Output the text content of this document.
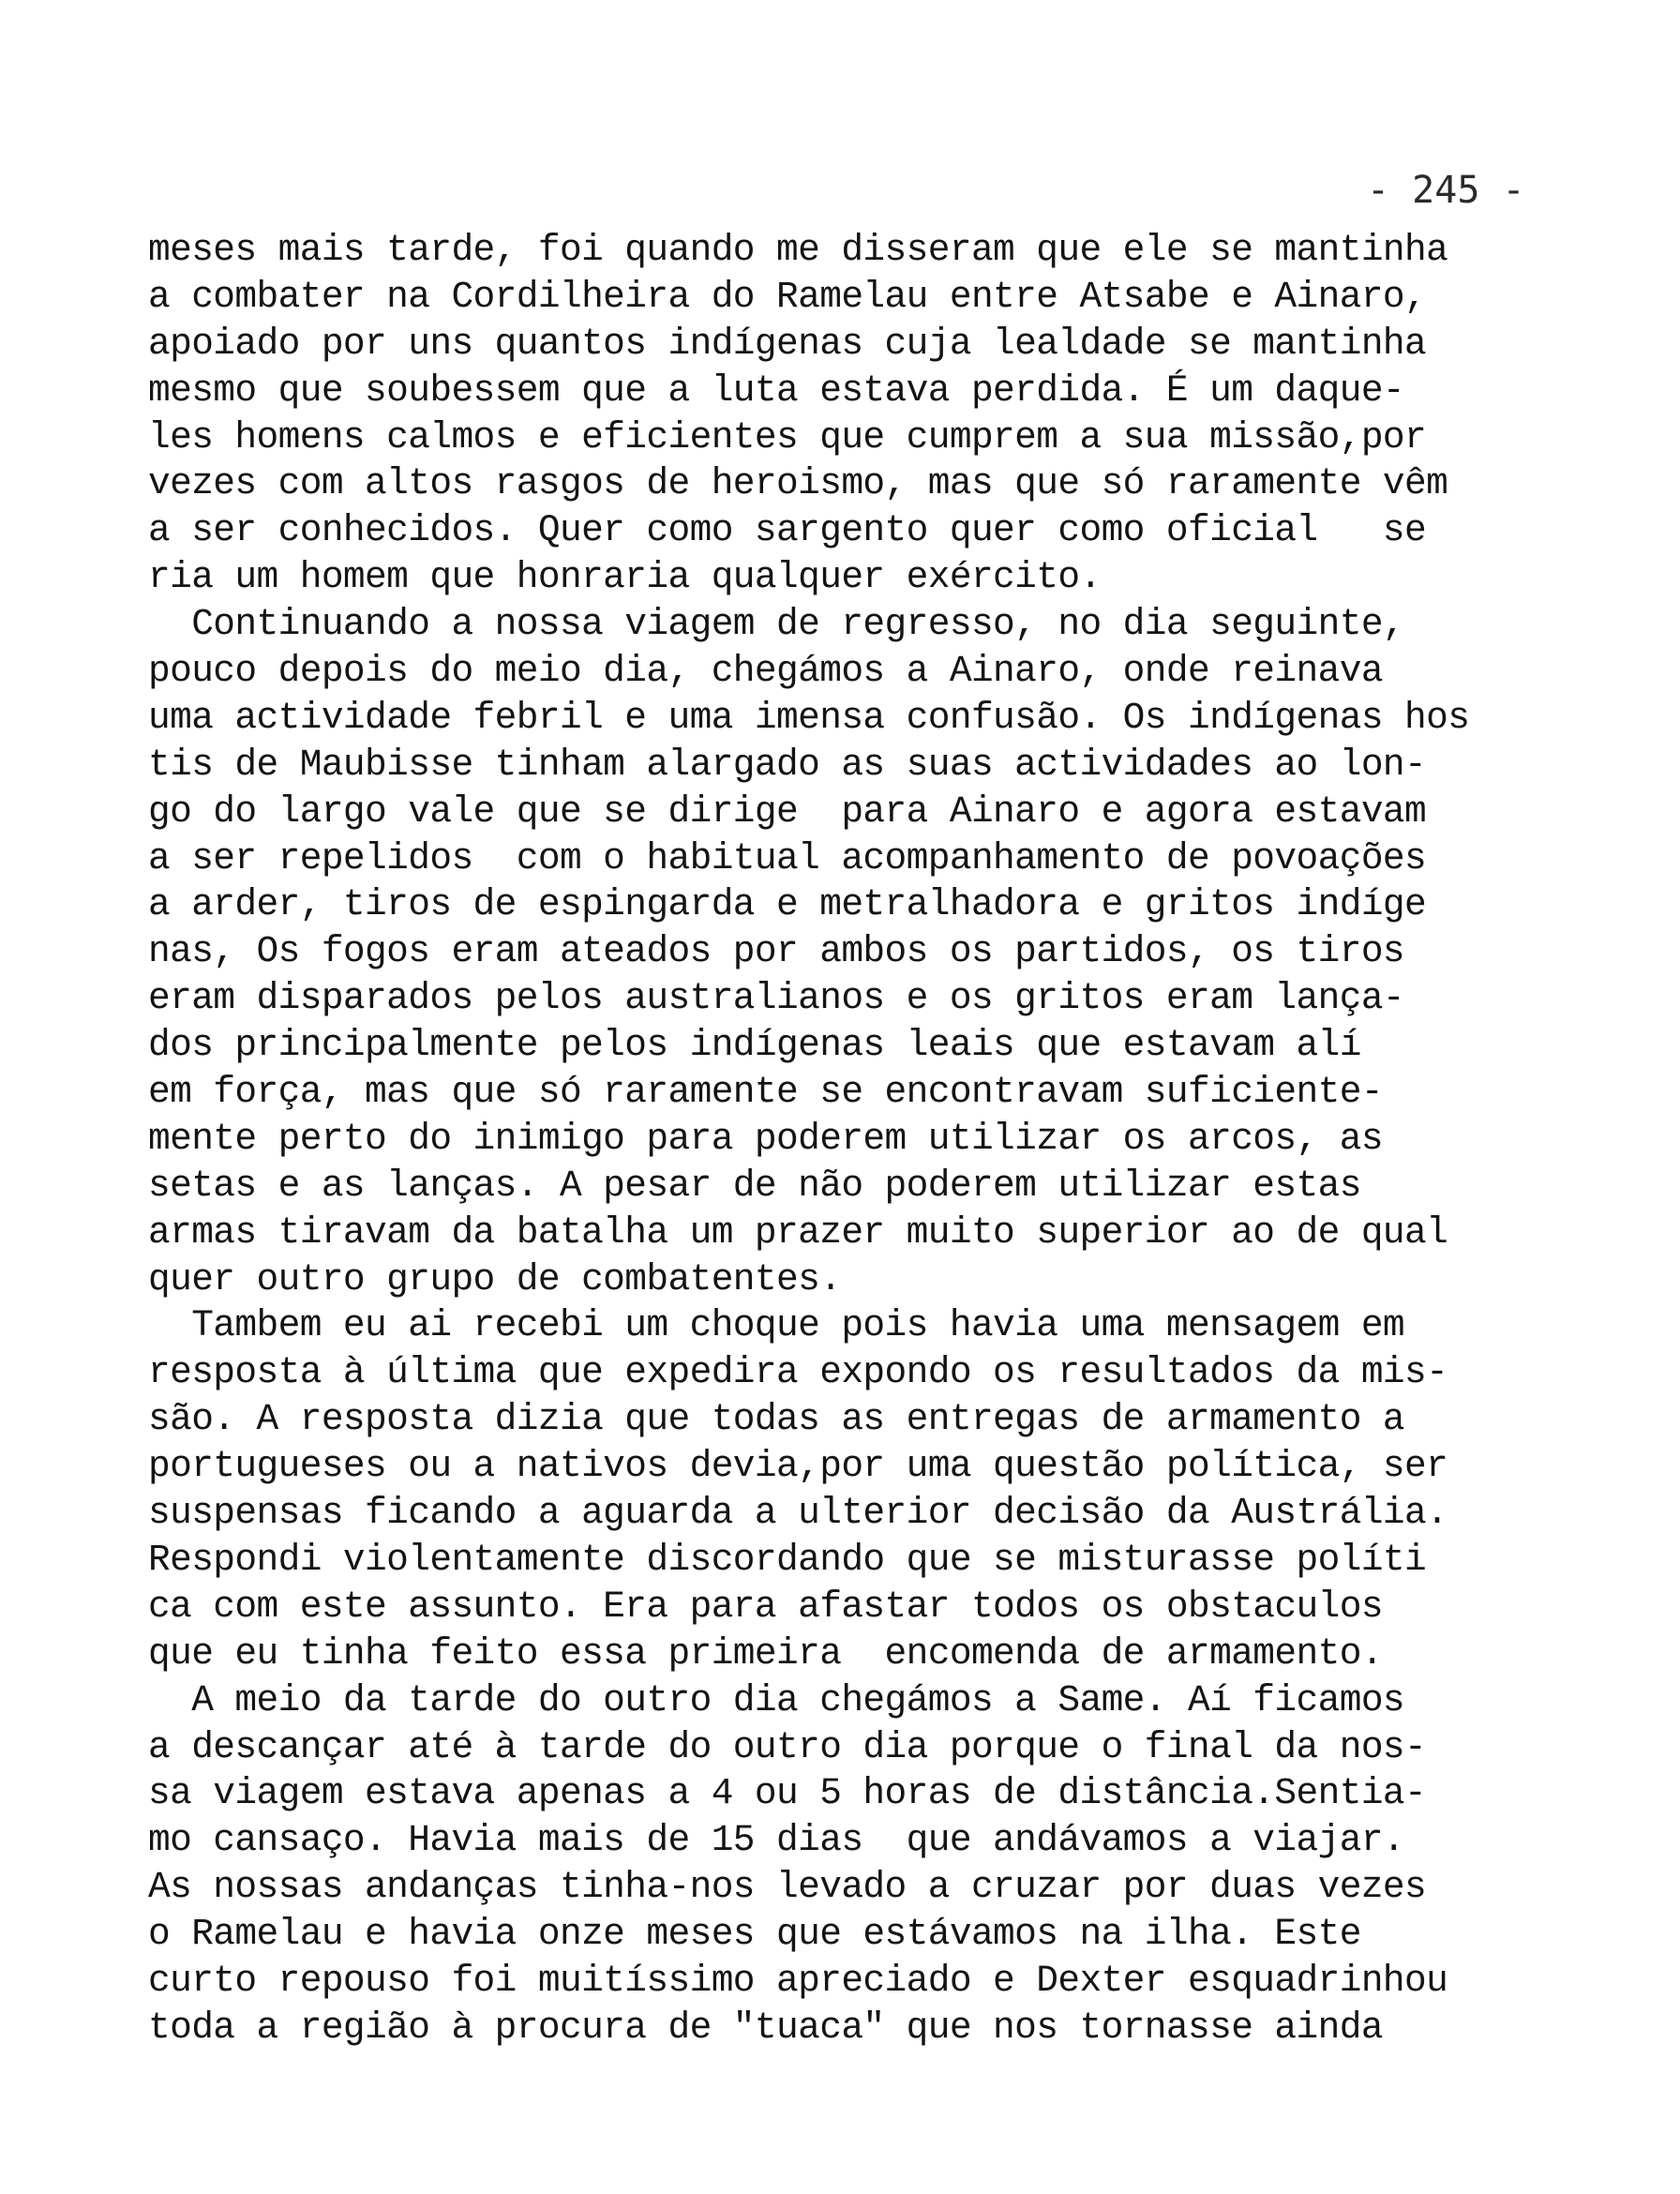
- 245 -
meses mais tarde, foi quando me disseram que ele se mantinha
a combater na Cordilheira do Ramelau entre Atsabe e Ainaro,
apoiado por uns quantos indígenas cuja lealdade se mantinha
mesmo que soubessem que a luta estava perdida. É um daque-
les homens calmos e eficientes que cumprem a sua missão,por
vezes com altos rasgos de heroismo, mas que só raramente vêm
a ser conhecidos. Quer como sargento quer como oficial   se
ria um homem que honraria qualquer exército.
Continuando a nossa viagem de regresso, no dia seguinte,
pouco depois do meio dia, chegámos a Ainaro, onde reinava
uma actividade febril e uma imensa confusão. Os indígenas hos
tis de Maubisse tinham alargado as suas actividades ao lon-
go do largo vale que se dirige  para Ainaro e agora estavam
a ser repelidos  com o habitual acompanhamento de povoações
a arder, tiros de espingarda e metralhadora e gritos indíge
nas, Os fogos eram ateados por ambos os partidos, os tiros
eram disparados pelos australianos e os gritos eram lança-
dos principalmente pelos indígenas leais que estavam alí
em força, mas que só raramente se encontravam suficiente-
mente perto do inimigo para poderem utilizar os arcos, as
setas e as lanças. A pesar de não poderem utilizar estas
armas tiravam da batalha um prazer muito superior ao de qual
quer outro grupo de combatentes.
Tambem eu ai recebi um choque pois havia uma mensagem em
resposta à última que expedira expondo os resultados da mis-
são. A resposta dizia que todas as entregas de armamento a
portugueses ou a nativos devia,por uma questão política, ser
suspensas ficando a aguarda a ulterior decisão da Austrália.
Respondi violentamente discordando que se misturasse políti
ca com este assunto. Era para afastar todos os obstaculos
que eu tinha feito essa primeira  encomenda de armamento.
A meio da tarde do outro dia chegámos a Same. Aí ficamos
a descançar até à tarde do outro dia porque o final da nos-
sa viagem estava apenas a 4 ou 5 horas de distância.Sentia-
mo cansaço. Havia mais de 15 dias  que andávamos a viajar.
As nossas andanças tinha-nos levado a cruzar por duas vezes
o Ramelau e havia onze meses que estávamos na ilha. Este
curto repouso foi muitíssimo apreciado e Dexter esquadrinhou
toda a região à procura de "tuaca" que nos tornasse ainda
